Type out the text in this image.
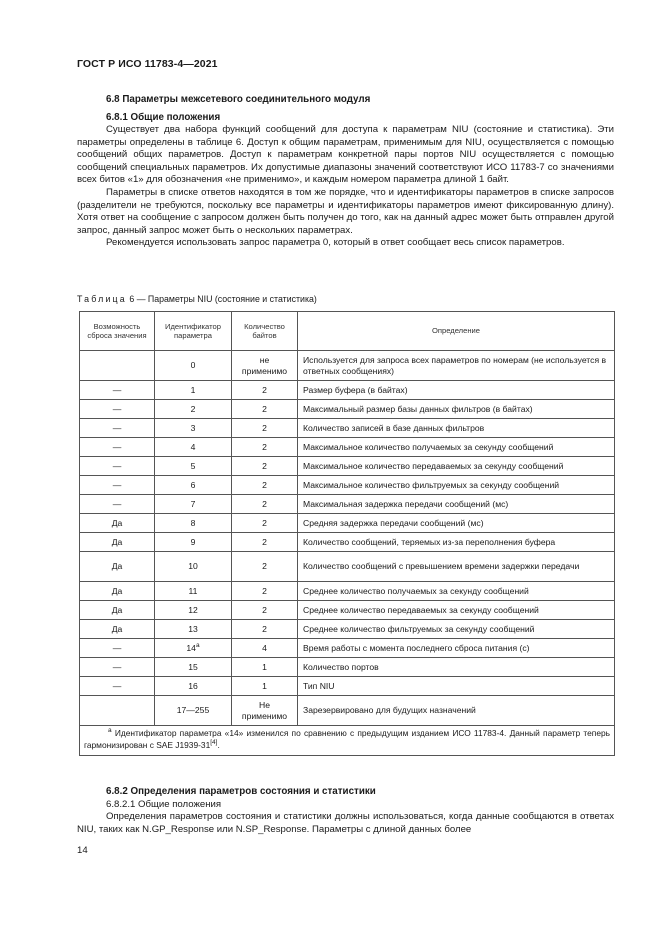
ГОСТ Р ИСО 11783-4—2021
6.8 Параметры межсетевого соединительного модуля
6.8.1 Общие положения

Существует два набора функций сообщений для доступа к параметрам NIU (состояние и статистика). Эти параметры определены в таблице 6. Доступ к общим параметрам, применимым для NIU, осуществляется с помощью сообщений общих параметров. Доступ к параметрам конкретной пары портов NIU осуществляется с помощью сообщений специальных параметров. Их допустимые диапазоны значений соответствуют ИСО 11783-7 со значениями всех битов «1» для обозначения «не применимо», и каждым номером параметра длиной 1 байт.

Параметры в списке ответов находятся в том же порядке, что и идентификаторы параметров в списке запросов (разделители не требуются, поскольку все параметры и идентификаторы параметров имеют фиксированную длину). Хотя ответ на сообщение с запросом должен быть получен до того, как на данный адрес может быть отправлен другой запрос, данный запрос может быть о нескольких параметрах.

Рекомендуется использовать запрос параметра 0, который в ответ сообщает весь список параметров.

Таблица 6 — Параметры NIU (состояние и статистика)
Возможность сброса значения	Идентификатор параметра	Количество байтов	Определение
	0	не применимо	Используется для запроса всех параметров по номерам (не используется в ответных сообщениях)
—	1	2	Размер буфера (в байтах)
—	2	2	Максимальный размер базы данных фильтров (в байтах)
—	3	2	Количество записей в базе данных фильтров
—	4	2	Максимальное количество получаемых за секунду сообщений
—	5	2	Максимальное количество передаваемых за секунду сообщений
—	6	2	Максимальное количество фильтруемых за секунду сообщений
—	7	2	Максимальная задержка передачи сообщений (мс)
Да	8	2	Средняя задержка передачи сообщений (мс)
Да	9	2	Количество сообщений, теряемых из-за переполнения буфера
Да	10	2	Количество сообщений с превышением времени задержки передачи
Да	11	2	Среднее количество получаемых за секунду сообщений
Да	12	2	Среднее количество передаваемых за секунду сообщений
Да	13	2	Среднее количество фильтруемых за секунду сообщений
—	14$^a$	4	Время работы с момента последнего сброса питания (с)
—	15	1	Количество портов
—	16	1	Тип NIU
	17—255	Не применимо	Зарезервировано для будущих назначений
$^a$ Идентификатор параметра «14» изменился по сравнению с предыдущим изданием ИСО 11783-4. Данный параметр теперь гармонизирован с SAE J1939-31[4].			
6.8.2 Определения параметров состояния и статистики
6.8.2.1 Общие положения

Определения параметров состояния и статистики должны использоваться, когда данные сообщаются в ответах NIU, таких как N.GP_Response или N.SP_Response. Параметры с длиной данных более

14
